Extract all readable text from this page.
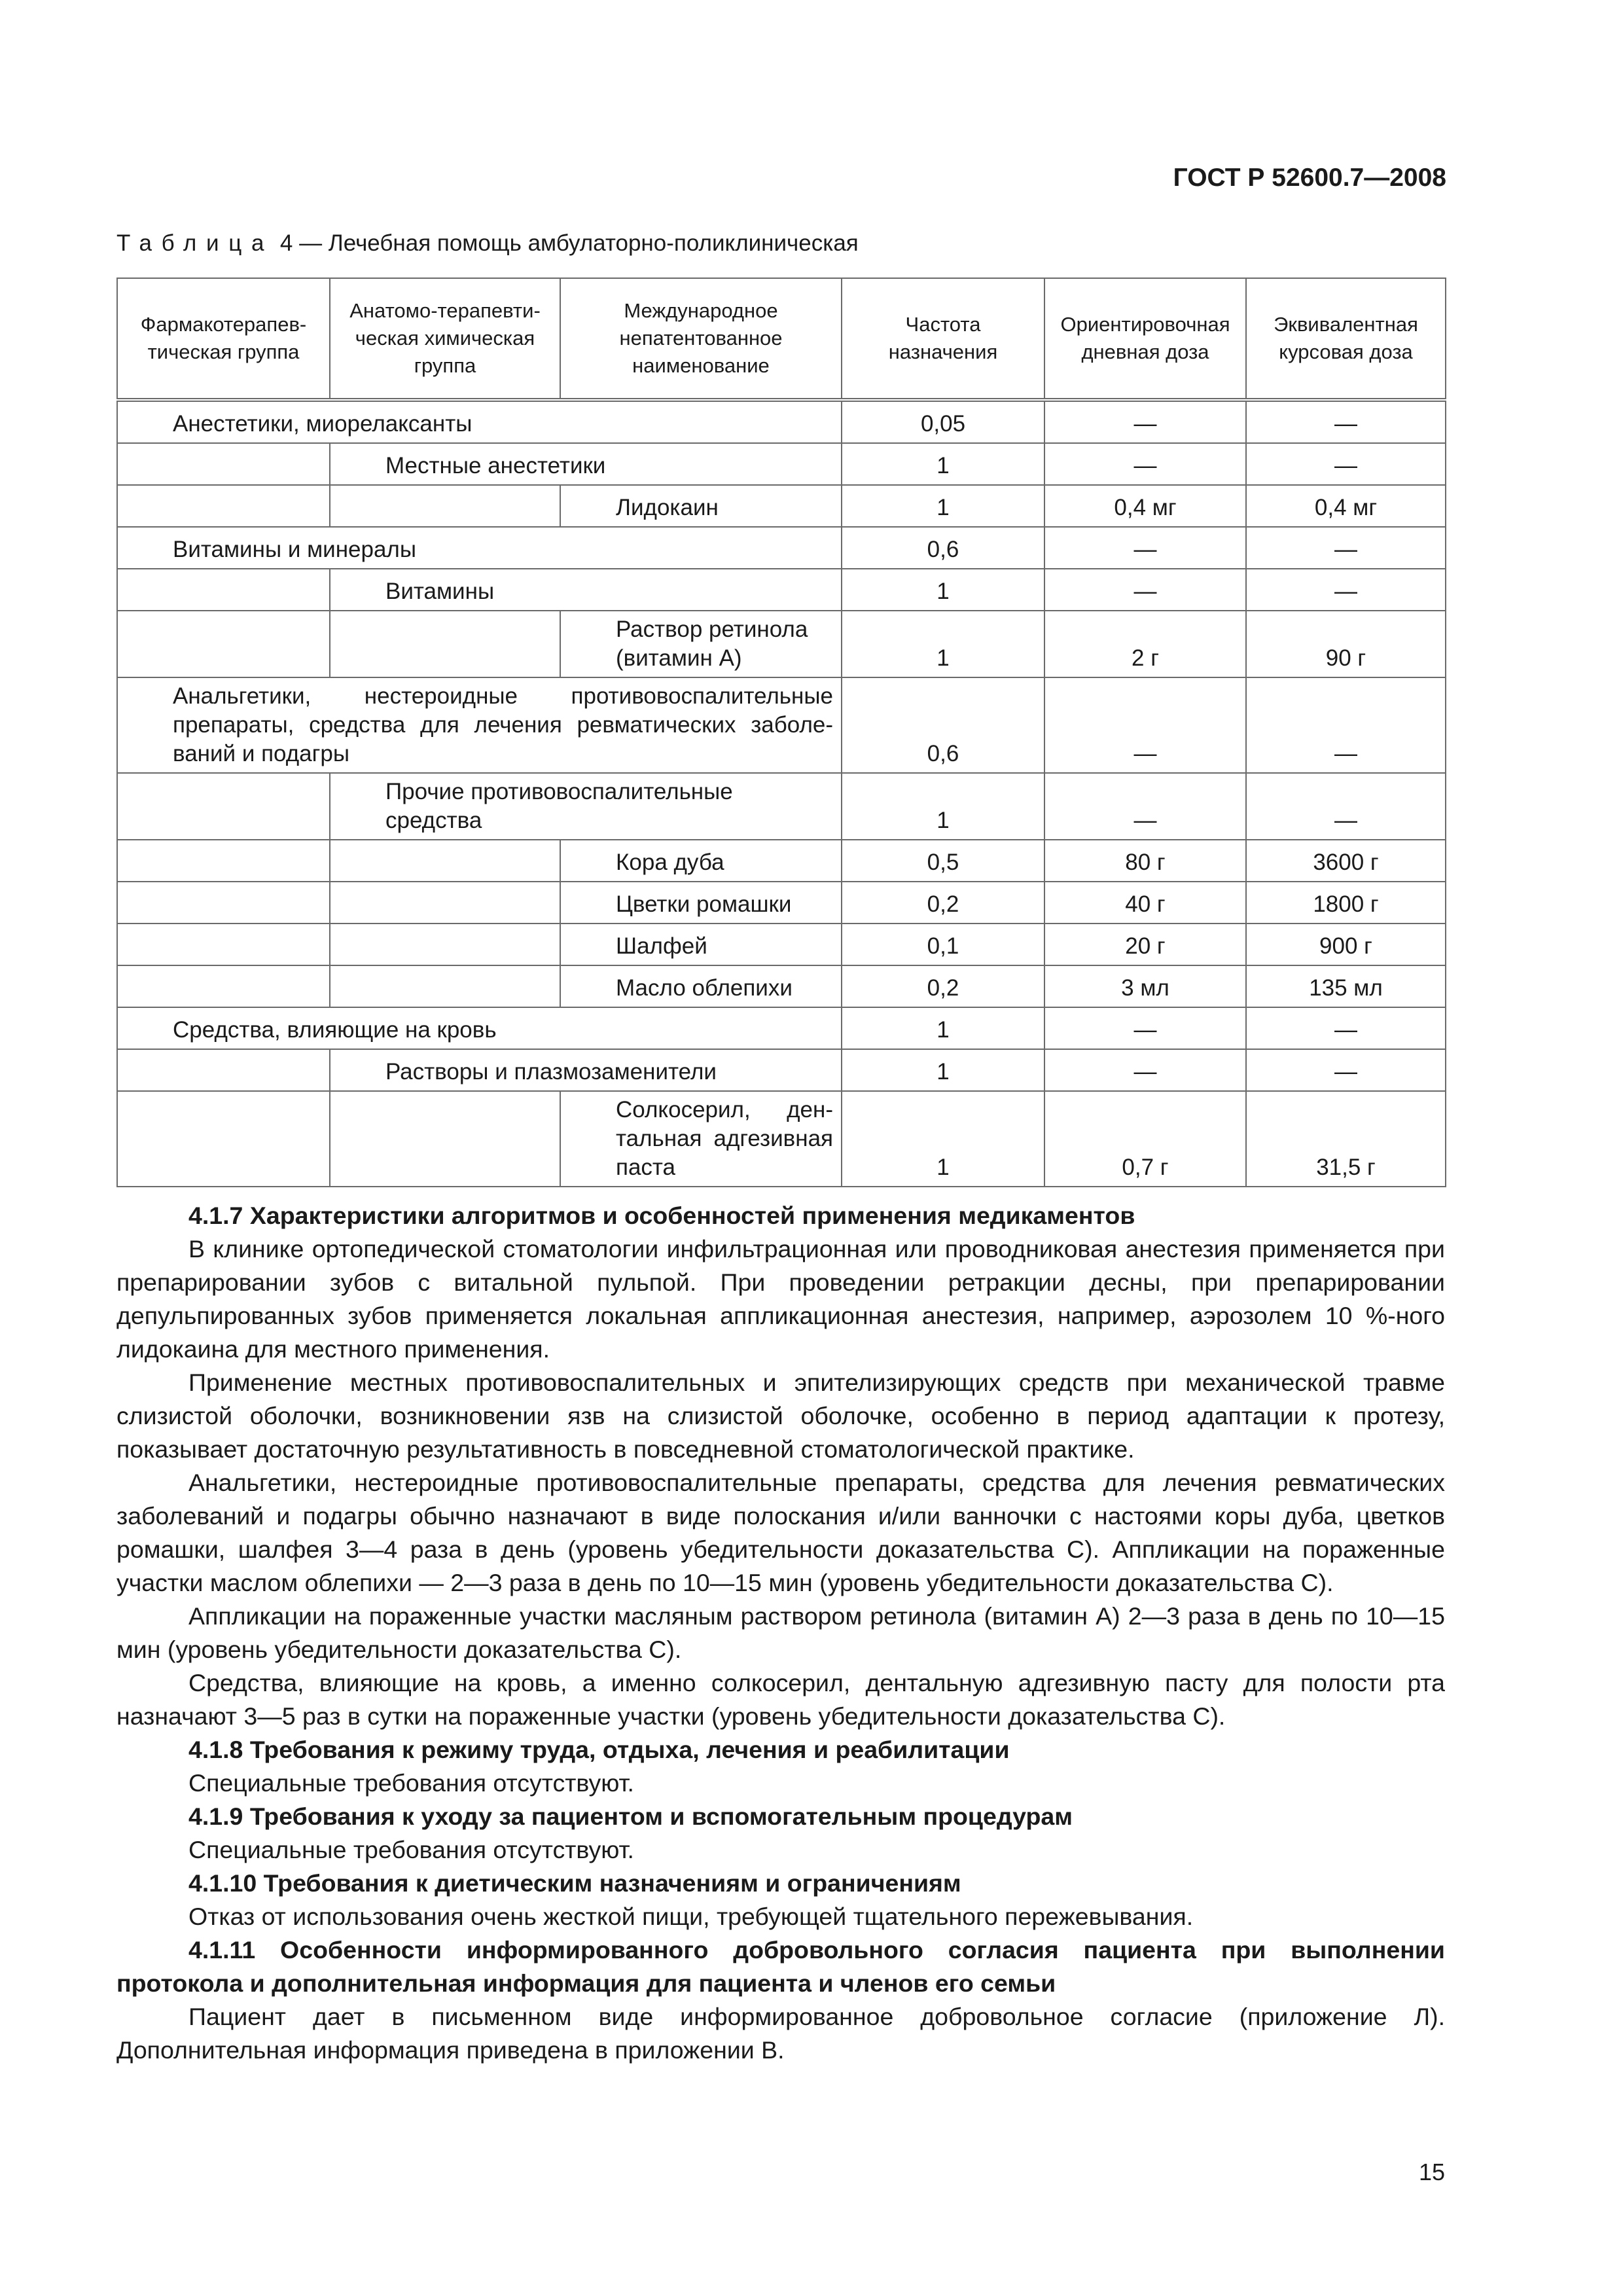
ГОСТ Р 52600.7—2008
Таблица 4 — Лечебная помощь амбулаторно-поликлиническая
Фармакотерапев-тическая группа	Анатомо-терапевти-ческая химическая группа	Международное непатентованное наименование	Частота назначения	Ориентировочная дневная доза	Эквивалентная курсовая доза
Анестетики, миорелаксанты			0,05	—	—
	Местные анестетики		1	—	—
		Лидокаин	1	0,4 мг	0,4 мг
Витамины и минералы			0,6	—	—
	Витамины		1	—	—
		Раствор ретинола (витамин А)	1	2 г	90 г
Анальгетики, нестероидные противовоспалительные препараты, средства для лечения ревматических заболе-ваний и подагры			0,6	—	—
	Прочие противовоспалительные средства		1	—	—
		Кора дуба	0,5	80 г	3600 г
		Цветки ромашки	0,2	40 г	1800 г
		Шалфей	0,1	20 г	900 г
		Масло облепихи	0,2	3 мл	135 мл
Средства, влияющие на кровь			1	—	—
	Растворы и плазмозаменители		1	—	—
		Солкосерил, ден-тальная адгезивная паста	1	0,7 г	31,5 г

4.1.7 Характеристики алгоритмов и особенностей применения медикаментов

В клинике ортопедической стоматологии инфильтрационная или проводниковая анестезия применяется при препарировании зубов с витальной пульпой. При проведении ретракции десны, при препарировании депульпированных зубов применяется локальная аппликационная анестезия, например, аэрозолем 10 %-ного лидокаина для местного применения.

Применение местных противовоспалительных и эпителизирующих средств при механической травме слизистой оболочки, возникновении язв на слизистой оболочке, особенно в период адаптации к протезу, показывает достаточную результативность в повседневной стоматологической практике.

Анальгетики, нестероидные противовоспалительные препараты, средства для лечения ревматических заболеваний и подагры обычно назначают в виде полоскания и/или ванночки с настоями коры дуба, цветков ромашки, шалфея 3—4 раза в день (уровень убедительности доказательства С). Аппликации на пораженные участки маслом облепихи — 2—3 раза в день по 10—15 мин (уровень убедительности доказательства С).

Аппликации на пораженные участки масляным раствором ретинола (витамин А) 2—3 раза в день по 10—15 мин (уровень убедительности доказательства С).

Средства, влияющие на кровь, а именно солкосерил, дентальную адгезивную пасту для полости рта назначают 3—5 раз в сутки на пораженные участки (уровень убедительности доказательства С).

4.1.8 Требования к режиму труда, отдыха, лечения и реабилитации

Специальные требования отсутствуют.

4.1.9 Требования к уходу за пациентом и вспомогательным процедурам

Специальные требования отсутствуют.

4.1.10 Требования к диетическим назначениям и ограничениям

Отказ от использования очень жесткой пищи, требующей тщательного пережевывания.

4.1.11 Особенности информированного добровольного согласия пациента при выполнении протокола и дополнительная информация для пациента и членов его семьи

Пациент дает в письменном виде информированное добровольное согласие (приложение Л). Дополнительная информация приведена в приложении В.

15
